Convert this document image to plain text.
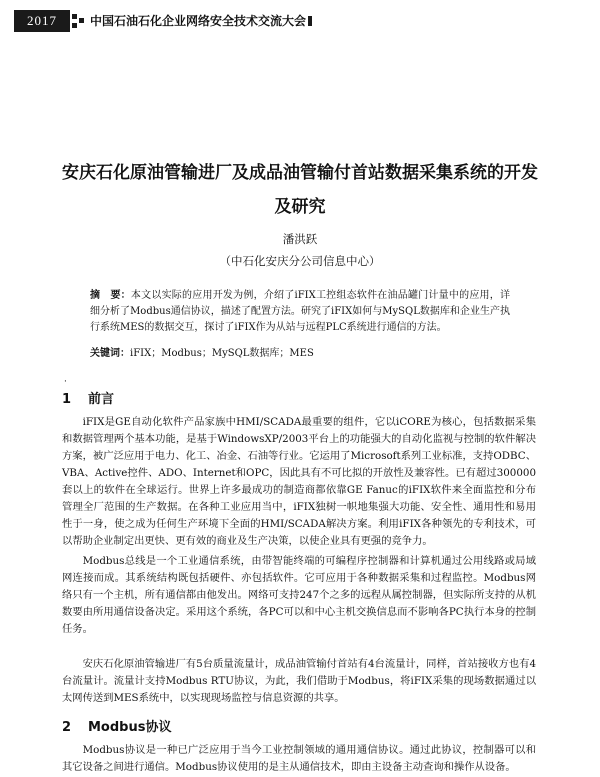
2017	中国石油石化企业网络安全技术交流大会
安庆石化原油管输进厂及成品油管输付首站数据采集系统的开发
及研究
潘洪跃
（中石化安庆分公司信息中心）
摘　要：本文以实际的应用开发为例，介绍了iFIX工控组态软件在油品罐门计量中的应用，详细分析了Modbus通信协议，描述了配置方法。研究了iFIX如何与MySQL数据库和企业生产执行系统MES的数据交互，探讨了iFIX作为从站与远程PLC系统进行通信的方法。
关键词：iFIX；Modbus；MySQL数据库；MES
·
1 前言

iFIX是GE自动化软件产品家族中HMI/SCADA最重要的组件，它以iCORE为核心，包括数据采集和数据管理两个基本功能，是基于WindowsXP/2003平台上的功能强大的自动化监视与控制的软件解决方案，被广泛应用于电力、化工、冶金、石油等行业。它运用了Microsoft系列工业标准，支持ODBC、VBA、Active控件、ADO、Internet和OPC，因此具有不可比拟的开放性及兼容性。已有超过300000套以上的软件在全球运行。世界上许多最成功的制造商都依靠GE Fanuc的iFIX软件来全面监控和分布管理全厂范围的生产数据。在各种工业应用当中，iFIX独树一帜地集强大功能、安全性、通用性和易用性于一身，使之成为任何生产环境下全面的HMI/SCADA解决方案。利用iFIX各种领先的专利技术，可以帮助企业制定出更快、更有效的商业及生产决策，以使企业具有更强的竞争力。

Modbus总线是一个工业通信系统，由带智能终端的可编程序控制器和计算机通过公用线路或局域网连接而成。其系统结构既包括硬件、亦包括软件。它可应用于各种数据采集和过程监控。Modbus网络只有一个主机，所有通信都由他发出。网络可支持247个之多的远程从属控制器，但实际所支持的从机数要由所用通信设备决定。采用这个系统，各PC可以和中心主机交换信息而不影响各PC执行本身的控制任务。

安庆石化原油管输进厂有5台质量流量计，成品油管输付首站有4台流量计，同样，首站接收方也有4台流量计。流量计支持Modbus RTU协议，为此，我们借助于Modbus，将iFIX采集的现场数据通过以太网传送到MES系统中，以实现现场监控与信息资源的共享。

2 Modbus协议

Modbus协议是一种已广泛应用于当今工业控制领域的通用通信协议。通过此协议，控制器可以和其它设备之间进行通信。Modbus协议使用的是主从通信技术，即由主设备主动查询和操作从设备。
